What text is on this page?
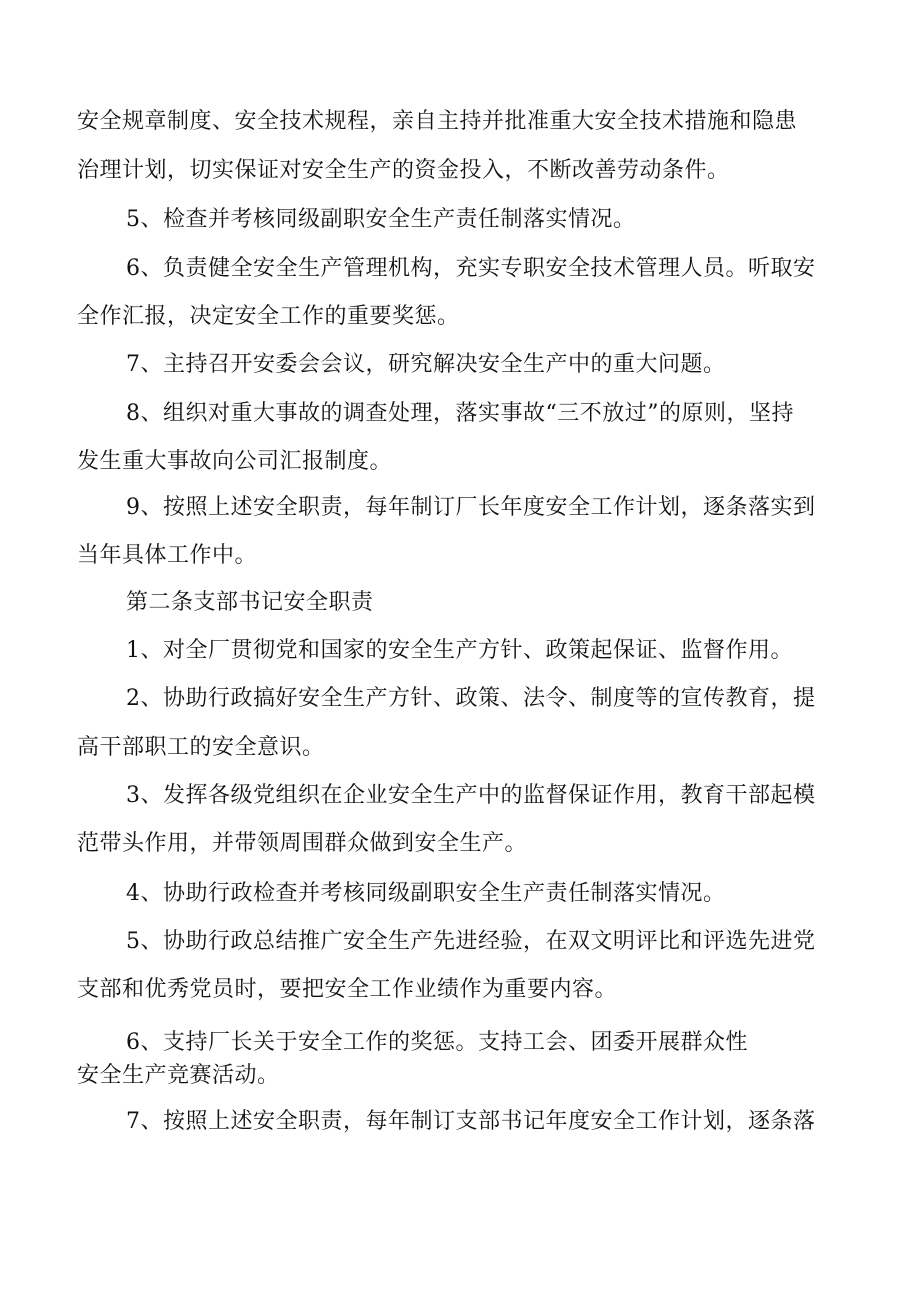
安全规章制度、安全技术规程，亲自主持并批准重大安全技术措施和隐患
治理计划，切实保证对安全生产的资金投入，不断改善劳动条件。
5、检查并考核同级副职安全生产责任制落实情况。
6、负责健全安全生产管理机构，充实专职安全技术管理人员。听取安
全作汇报，决定安全工作的重要奖惩。
7、主持召开安委会会议，研究解决安全生产中的重大问题。
8、组织对重大事故的调查处理，落实事故“三不放过”的原则，坚持
发生重大事故向公司汇报制度。
9、按照上述安全职责，每年制订厂长年度安全工作计划，逐条落实到
当年具体工作中。
第二条支部书记安全职责
1、对全厂贯彻党和国家的安全生产方针、政策起保证、监督作用。
2、协助行政搞好安全生产方针、政策、法令、制度等的宣传教育，提
高干部职工的安全意识。
3、发挥各级党组织在企业安全生产中的监督保证作用，教育干部起模
范带头作用，并带领周围群众做到安全生产。
4、协助行政检查并考核同级副职安全生产责任制落实情况。
5、协助行政总结推广安全生产先进经验，在双文明评比和评选先进党
支部和优秀党员时，要把安全工作业绩作为重要内容。
6、支持厂长关于安全工作的奖惩。支持工会、团委开展群众性
安全生产竞赛活动。
7、按照上述安全职责，每年制订支部书记年度安全工作计划，逐条落
